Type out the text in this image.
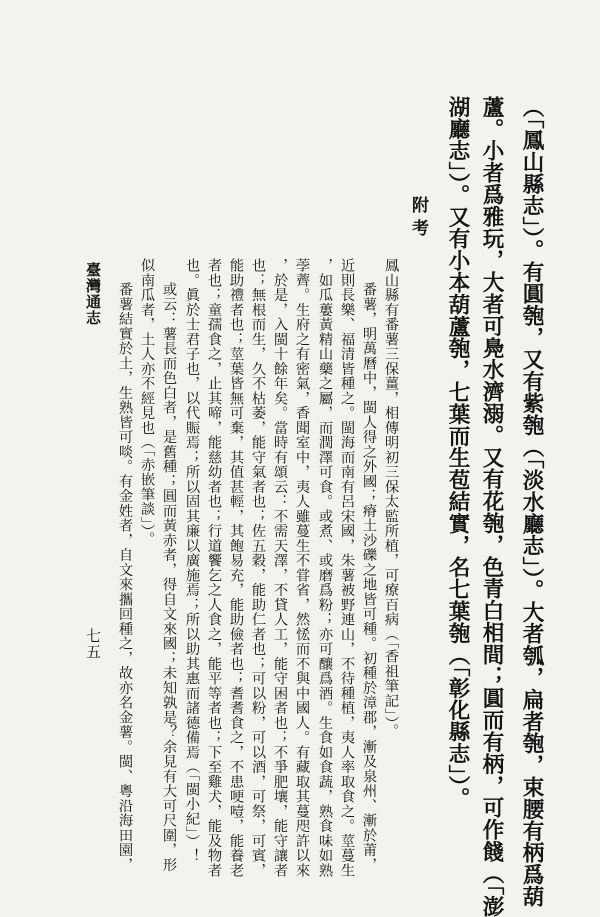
（「鳳山縣志」）。有圓匏，又有紫匏（「淡水廳志」）。大者瓠，扁者匏，束腰有柄爲葫

蘆。小者爲雅玩，大者可鳧水濟溺。又有花匏，色青白相間；圓而有柄，可作餞（「澎

湖廳志」）。又有小本葫蘆匏，七葉而生苞結實，名七葉匏（「彰化縣志」）。

附考

鳳山縣有番薯三保薑，相傳明初三保太監所植，可療百病（「香祖筆記」）。

番薯，明萬曆中，閩人得之外國；瘠土沙礫之地皆可種。初種於漳郡，漸及泉州、漸於莆，

近則長樂、福清皆種之。閩海而南有呂宋國，朱薯被野連山，不待種植，夷人率取食之。莖蔓生

，如瓜蔞黃精山藥之屬，而潤澤可食。或煮、或磨爲粉；亦可釀爲酒。生食如食蔬，熟食味如熟

荸薺。生府之有密氣，香聞室中，夷人雖蔓生不甞省，然恡而不與中國人。有藏取其蔓咫許以來

，於是，入閩十餘年矣。當時有頌云：不需天澤，不貸人工，能守困者也；不爭肥壤，能守讓者

也；無根而生，久不枯萎，能守氣者也；佐五穀，能助仁者也；可以粉，可以酒，可祭，可賓，

能助禮者也；莖葉皆無可棄，其值甚輕，其飽易充，能助儉者也；耆耆食之，不患哽噎，能養老

者也；童孺食之，止其啼，能慈幼者也；行道饗乞之人食之，能平等者也；下至雞犬，能及物者

也。眞於士君子也，以代賑焉；所以固其廉以廣施焉；所以助其惠而諸德備焉（「閩小紀」）！

或云：薯長而色白者，是舊種；圓而黃赤者，得自文來國；未知孰是？余見有大可尺圍，形

似南瓜者，土人亦不經見也（「赤嵌筆談」）。

番薯結實於土，生熟皆可啖。有金姓者，自文來攜回種之，故亦名金薯。閩、粵沿海田園，

臺灣通志

七五
